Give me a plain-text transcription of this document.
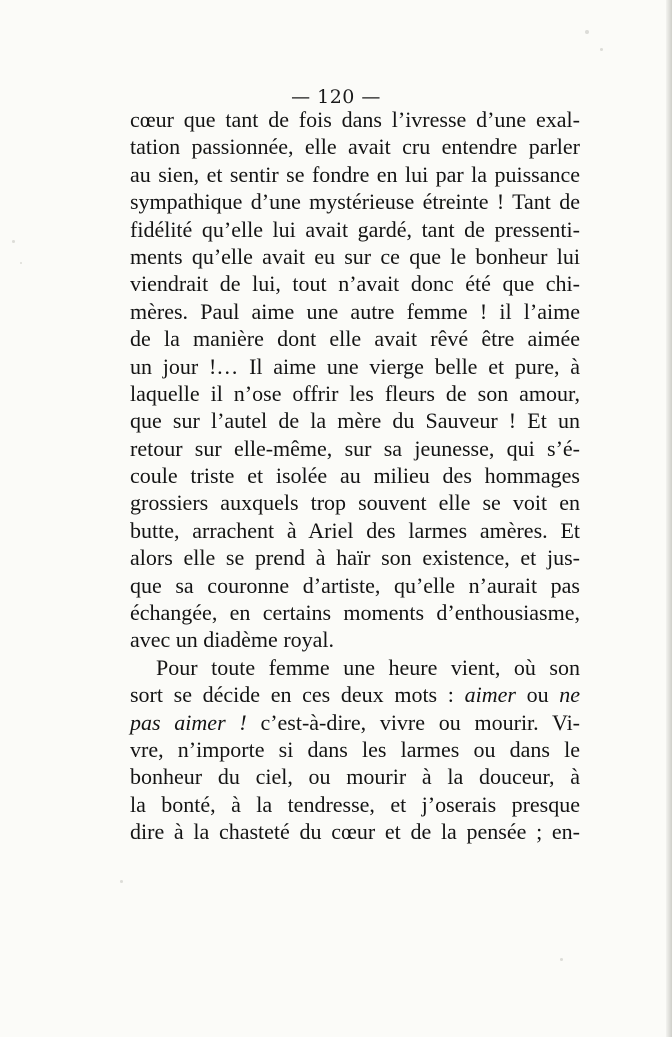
— 120 —
cœur que tant de fois dans l’ivresse d’une exal-
tation passionnée, elle avait cru entendre parler
au sien, et sentir se fondre en lui par la puissance
sympathique d’une mystérieuse étreinte ! Tant de
fidélité qu’elle lui avait gardé, tant de pressenti-
ments qu’elle avait eu sur ce que le bonheur lui
viendrait de lui, tout n’avait donc été que chi-
mères. Paul aime une autre femme ! il l’aime
de la manière dont elle avait rêvé être aimée
un jour !… Il aime une vierge belle et pure, à
laquelle il n’ose offrir les fleurs de son amour,
que sur l’autel de la mère du Sauveur ! Et un
retour sur elle-même, sur sa jeunesse, qui s’é-
coule triste et isolée au milieu des hommages
grossiers auxquels trop souvent elle se voit en
butte, arrachent à Ariel des larmes amères. Et
alors elle se prend à haïr son existence, et jus-
que sa couronne d’artiste, qu’elle n’aurait pas
échangée, en certains moments d’enthousiasme,
avec un diadème royal.
Pour toute femme une heure vient, où son
sort se décide en ces deux mots : aimer ou ne
pas aimer ! c’est-à-dire, vivre ou mourir. Vi-
vre, n’importe si dans les larmes ou dans le
bonheur du ciel, ou mourir à la douceur, à
la bonté, à la tendresse, et j’oserais presque
dire à la chasteté du cœur et de la pensée ; en-
